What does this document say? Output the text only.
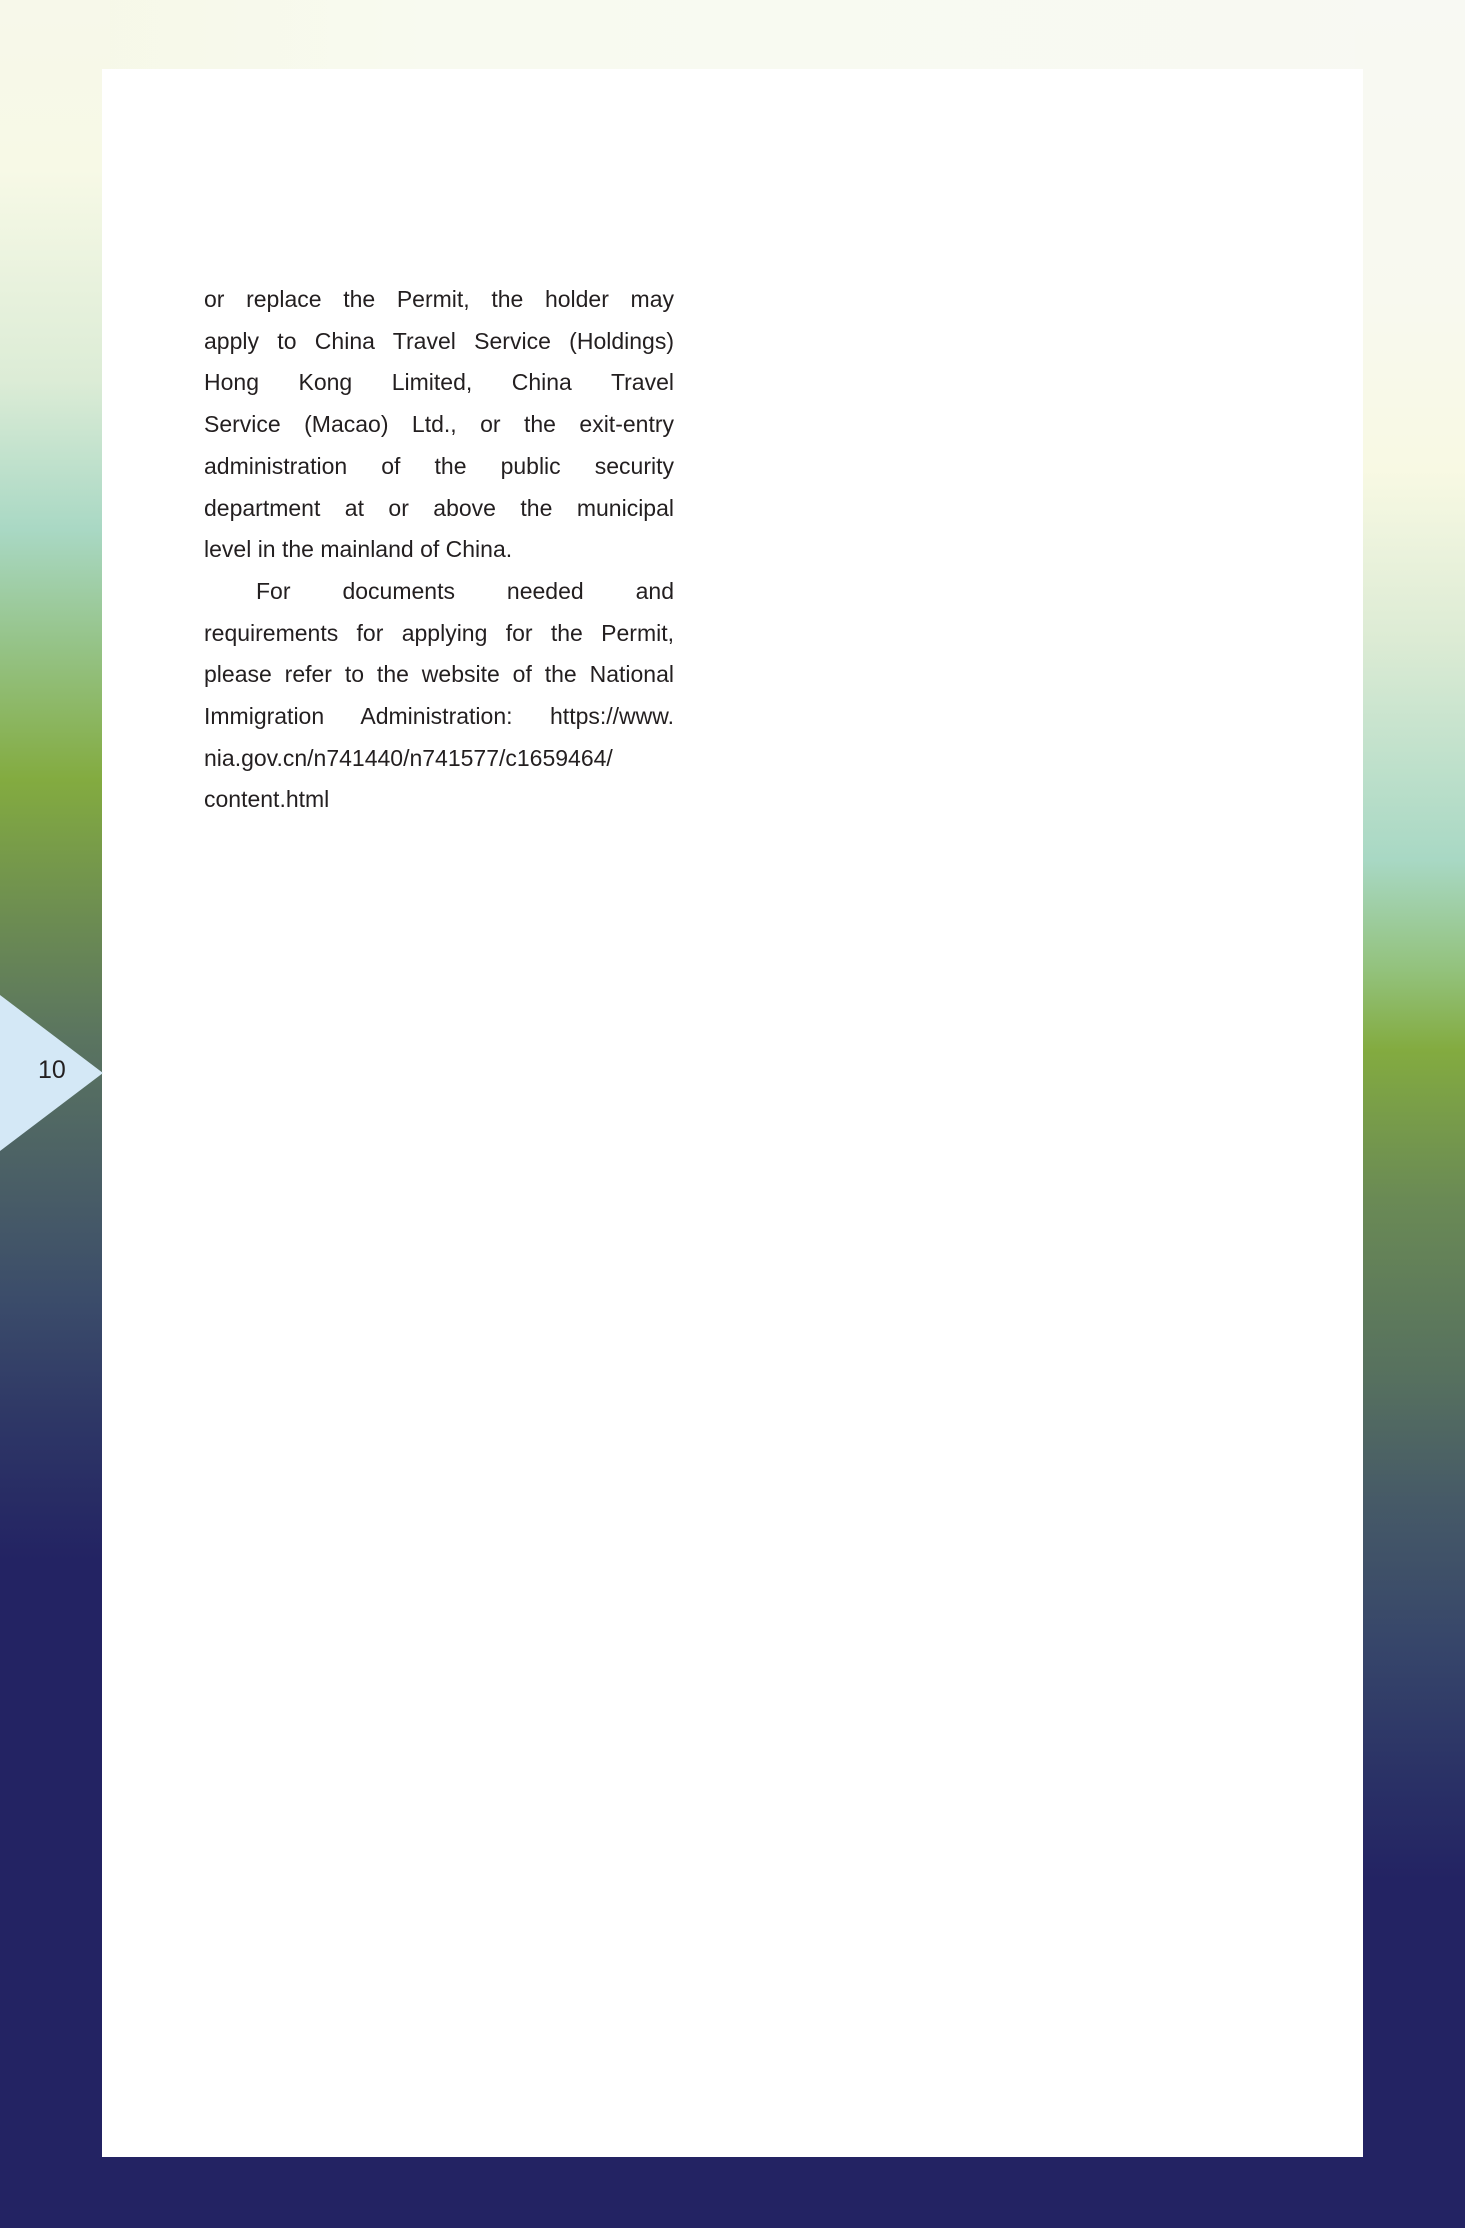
or replace the Permit, the holder may
apply to China Travel Service (Holdings)
Hong Kong Limited, China Travel
Service (Macao) Ltd., or the exit-entry
administration of the public security
department at or above the municipal
level in the mainland of China.

For documents needed and
requirements for applying for the Permit,
please refer to the website of the National
Immigration Administration: https://www.
nia.gov.cn/n741440/n741577/c1659464/
content.html

10
